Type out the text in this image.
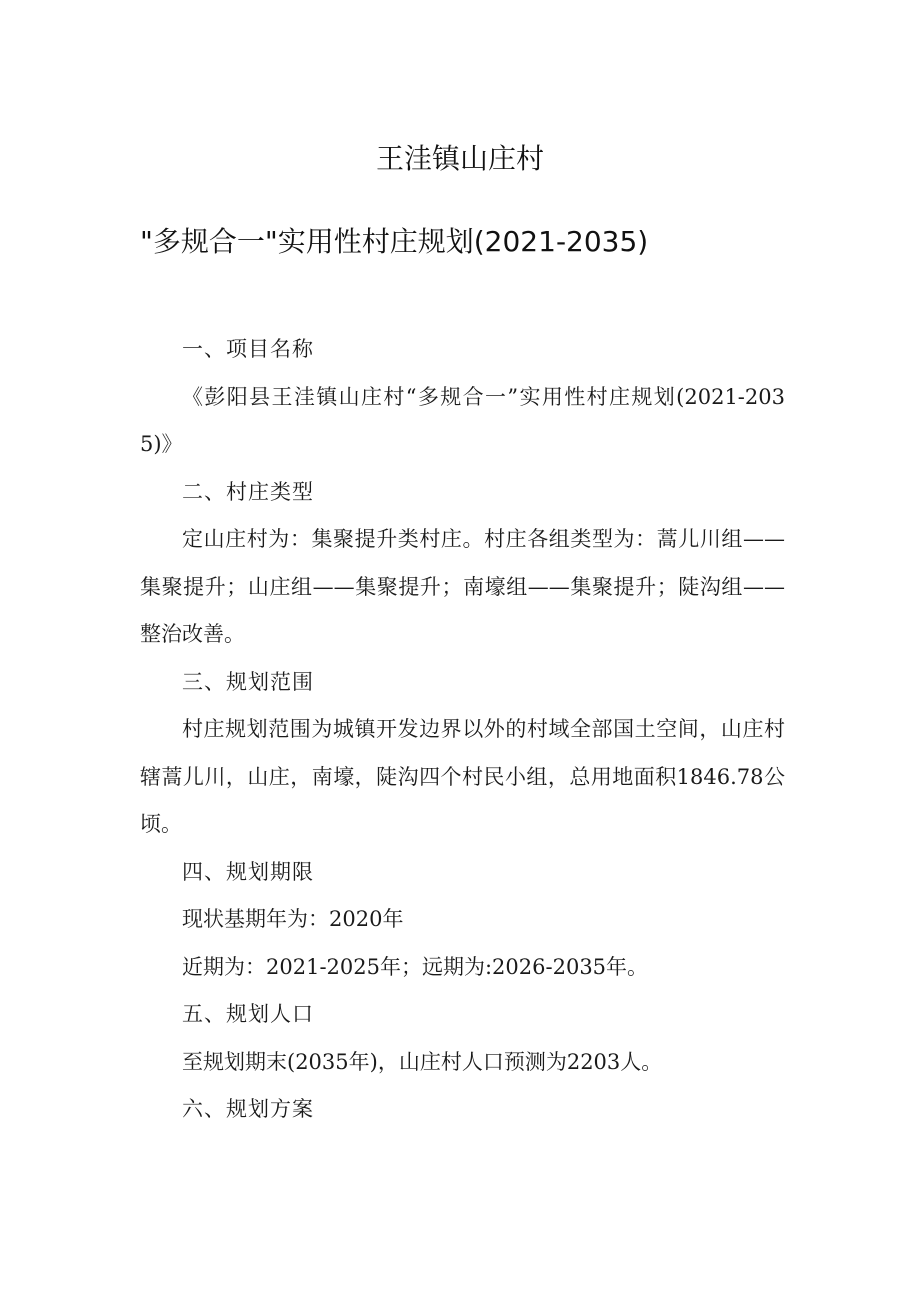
王洼镇山庄村
"多规合一"实用性村庄规划(2021-2035)

一、项目名称

《彭阳县王洼镇山庄村“多规合一”实用性村庄规划(2021-2035)》

二、村庄类型

定山庄村为：集聚提升类村庄。村庄各组类型为：蒿儿川组——集聚提升；山庄组——集聚提升；南壕组——集聚提升；陡沟组——整治改善。

三、规划范围

村庄规划范围为城镇开发边界以外的村域全部国土空间，山庄村辖蒿儿川，山庄，南壕，陡沟四个村民小组，总用地面积1846.78公顷。

四、规划期限

现状基期年为：2020年

近期为：2021-2025年；远期为:2026-2035年。

五、规划人口

至规划期末(2035年)，山庄村人口预测为2203人。

六、规划方案
